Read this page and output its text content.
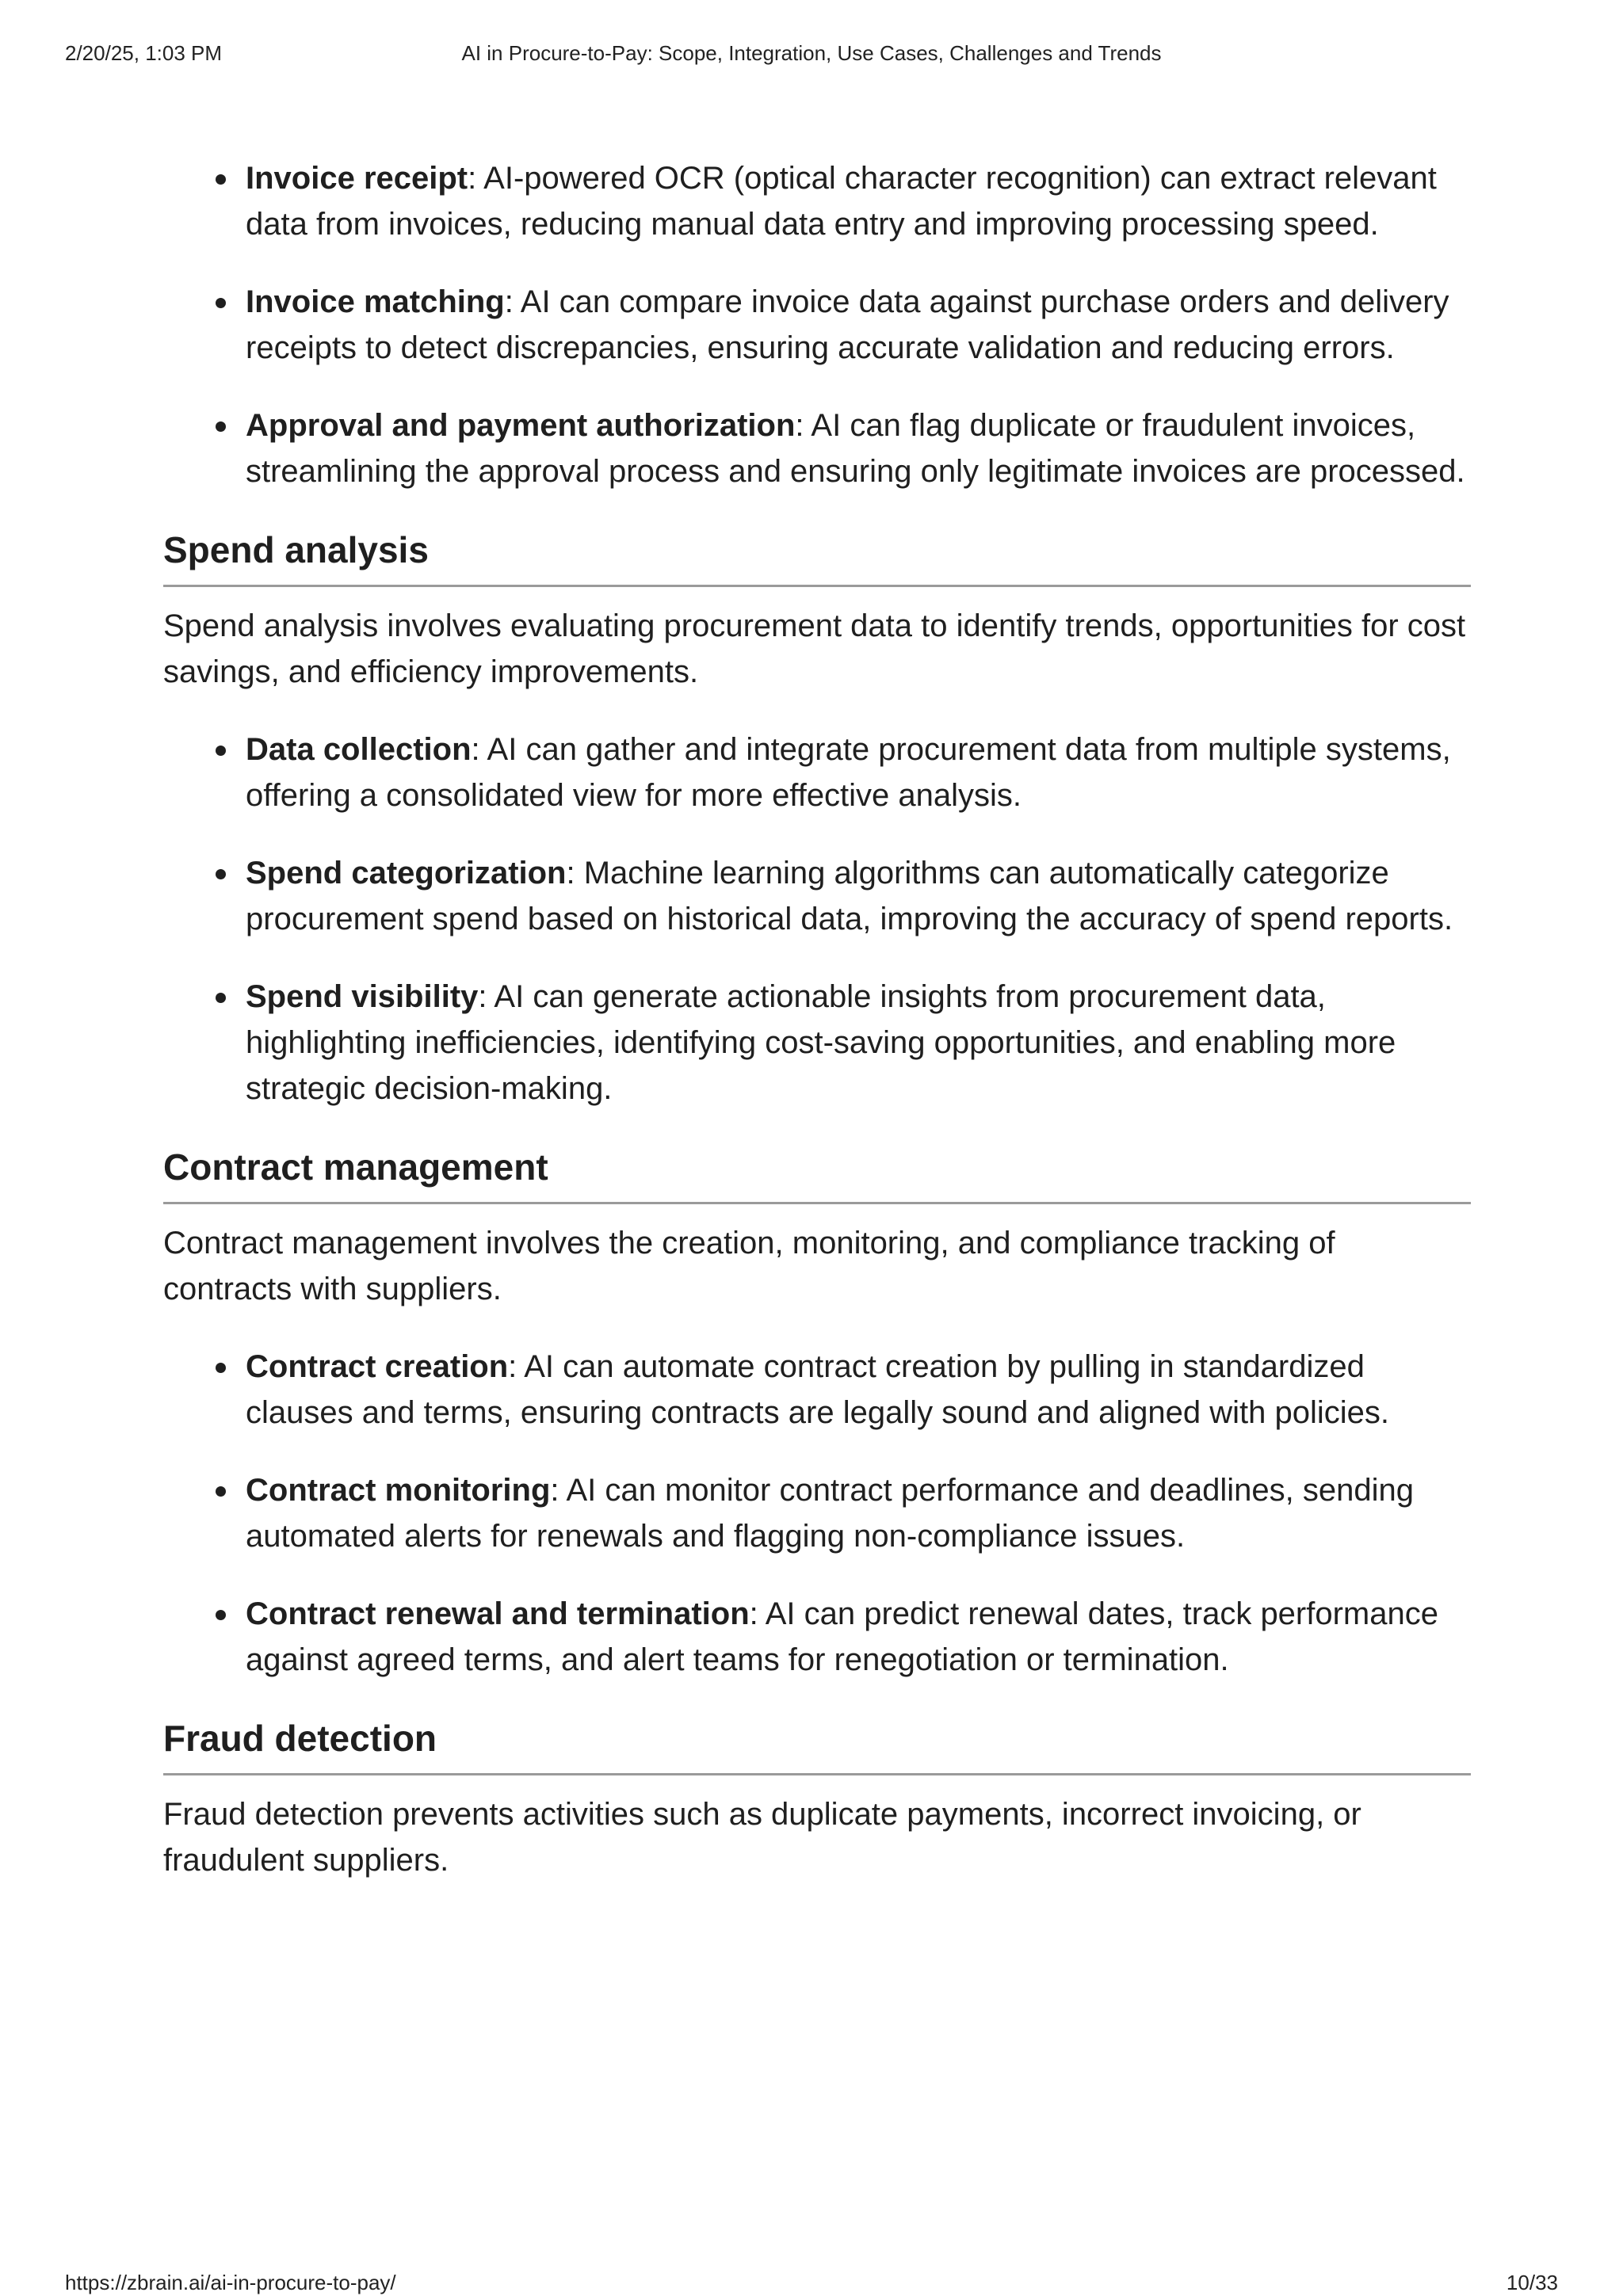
2/20/25, 1:03 PM	AI in Procure-to-Pay: Scope, Integration, Use Cases, Challenges and Trends
Invoice receipt: AI-powered OCR (optical character recognition) can extract relevant data from invoices, reducing manual data entry and improving processing speed.
Invoice matching: AI can compare invoice data against purchase orders and delivery receipts to detect discrepancies, ensuring accurate validation and reducing errors.
Approval and payment authorization: AI can flag duplicate or fraudulent invoices, streamlining the approval process and ensuring only legitimate invoices are processed.
Spend analysis

Spend analysis involves evaluating procurement data to identify trends, opportunities for cost savings, and efficiency improvements.

Data collection: AI can gather and integrate procurement data from multiple systems, offering a consolidated view for more effective analysis.
Spend categorization: Machine learning algorithms can automatically categorize procurement spend based on historical data, improving the accuracy of spend reports.
Spend visibility: AI can generate actionable insights from procurement data, highlighting inefficiencies, identifying cost-saving opportunities, and enabling more strategic decision-making.
Contract management

Contract management involves the creation, monitoring, and compliance tracking of contracts with suppliers.

Contract creation: AI can automate contract creation by pulling in standardized clauses and terms, ensuring contracts are legally sound and aligned with policies.
Contract monitoring: AI can monitor contract performance and deadlines, sending automated alerts for renewals and flagging non-compliance issues.
Contract renewal and termination: AI can predict renewal dates, track performance against agreed terms, and alert teams for renegotiation or termination.
Fraud detection

Fraud detection prevents activities such as duplicate payments, incorrect invoicing, or fraudulent suppliers.

https://zbrain.ai/ai-in-procure-to-pay/	10/33
